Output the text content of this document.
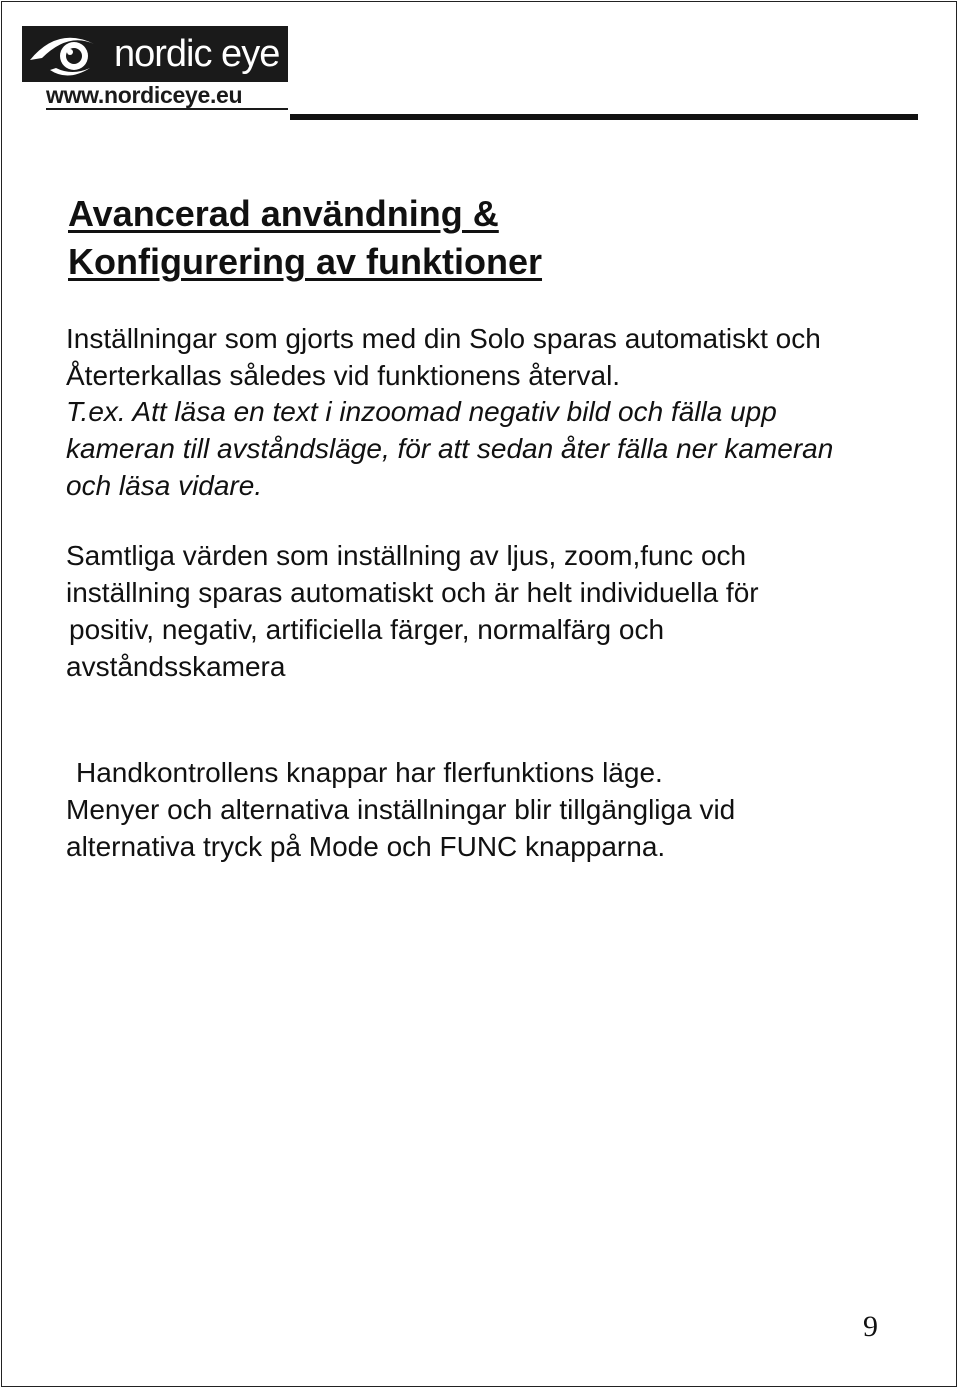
nordic eye
www.nordiceye.eu
Avancerad användning &
Konfigurering av funktioner

Inställningar som gjorts med din Solo sparas automatiskt och
Återterkallas således vid funktionens återval.

T.ex. Att läsa en text i inzoomad negativ bild och fälla upp
kameran till avståndsläge, för att sedan åter fälla ner kameran
och läsa vidare.

Samtliga värden som inställning av ljus, zoom,func och
inställning sparas automatiskt och är helt individuella för
positiv, negativ, artificiella färger, normalfärg och
avståndsskamera

Handkontrollens knappar har flerfunktions läge.
Menyer och alternativa inställningar blir tillgängliga vid
alternativa tryck på Mode och FUNC knapparna.

9
